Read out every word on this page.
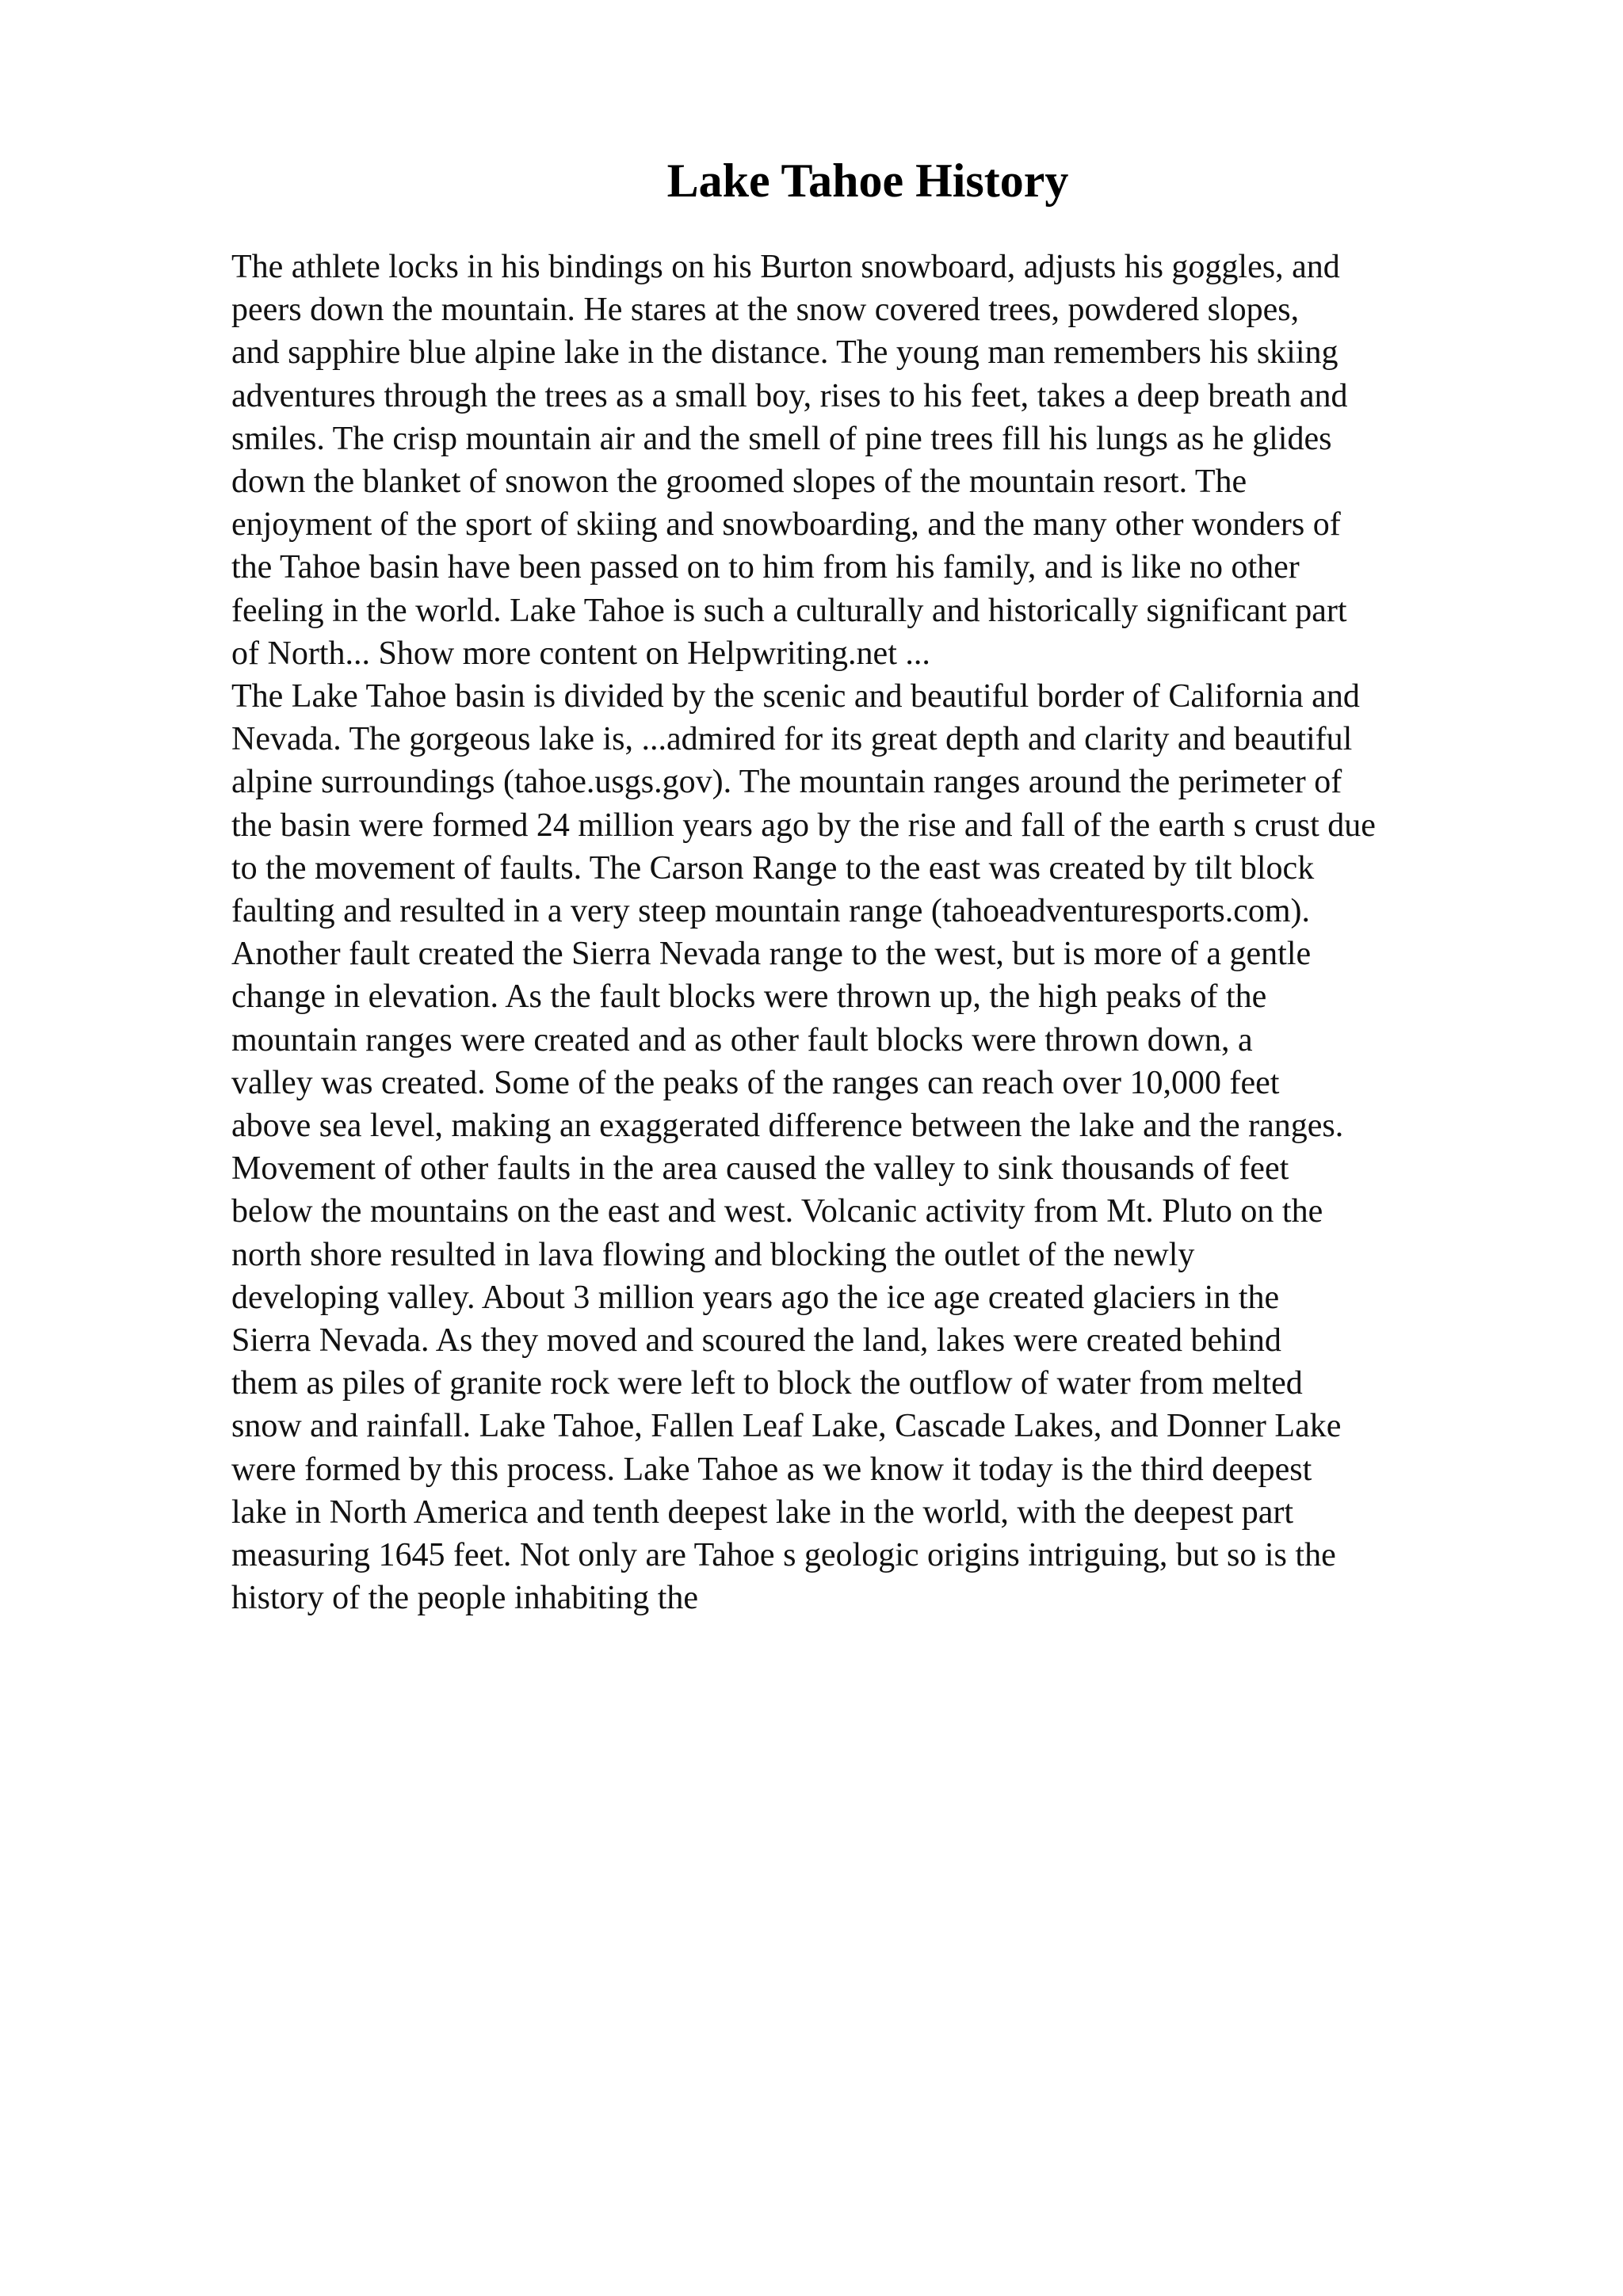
Lake Tahoe History

The athlete locks in his bindings on his Burton snowboard, adjusts his goggles, and
peers down the mountain. He stares at the snow covered trees, powdered slopes,
and sapphire blue alpine lake in the distance. The young man remembers his skiing
adventures through the trees as a small boy, rises to his feet, takes a deep breath and
smiles. The crisp mountain air and the smell of pine trees fill his lungs as he glides
down the blanket of snowon the groomed slopes of the mountain resort. The
enjoyment of the sport of skiing and snowboarding, and the many other wonders of
the Tahoe basin have been passed on to him from his family, and is like no other
feeling in the world. Lake Tahoe is such a culturally and historically significant part
of North... Show more content on Helpwriting.net ...

The Lake Tahoe basin is divided by the scenic and beautiful border of California and
Nevada. The gorgeous lake is, ...admired for its great depth and clarity and beautiful
alpine surroundings (tahoe.usgs.gov). The mountain ranges around the perimeter of
the basin were formed 24 million years ago by the rise and fall of the earth s crust due
to the movement of faults. The Carson Range to the east was created by tilt block
faulting and resulted in a very steep mountain range (tahoeadventuresports.com).
Another fault created the Sierra Nevada range to the west, but is more of a gentle
change in elevation. As the fault blocks were thrown up, the high peaks of the
mountain ranges were created and as other fault blocks were thrown down, a
valley was created. Some of the peaks of the ranges can reach over 10,000 feet
above sea level, making an exaggerated difference between the lake and the ranges.
Movement of other faults in the area caused the valley to sink thousands of feet
below the mountains on the east and west. Volcanic activity from Mt. Pluto on the
north shore resulted in lava flowing and blocking the outlet of the newly
developing valley. About 3 million years ago the ice age created glaciers in the
Sierra Nevada. As they moved and scoured the land, lakes were created behind
them as piles of granite rock were left to block the outflow of water from melted
snow and rainfall. Lake Tahoe, Fallen Leaf Lake, Cascade Lakes, and Donner Lake
were formed by this process. Lake Tahoe as we know it today is the third deepest
lake in North America and tenth deepest lake in the world, with the deepest part
measuring 1645 feet. Not only are Tahoe s geologic origins intriguing, but so is the
history of the people inhabiting the
